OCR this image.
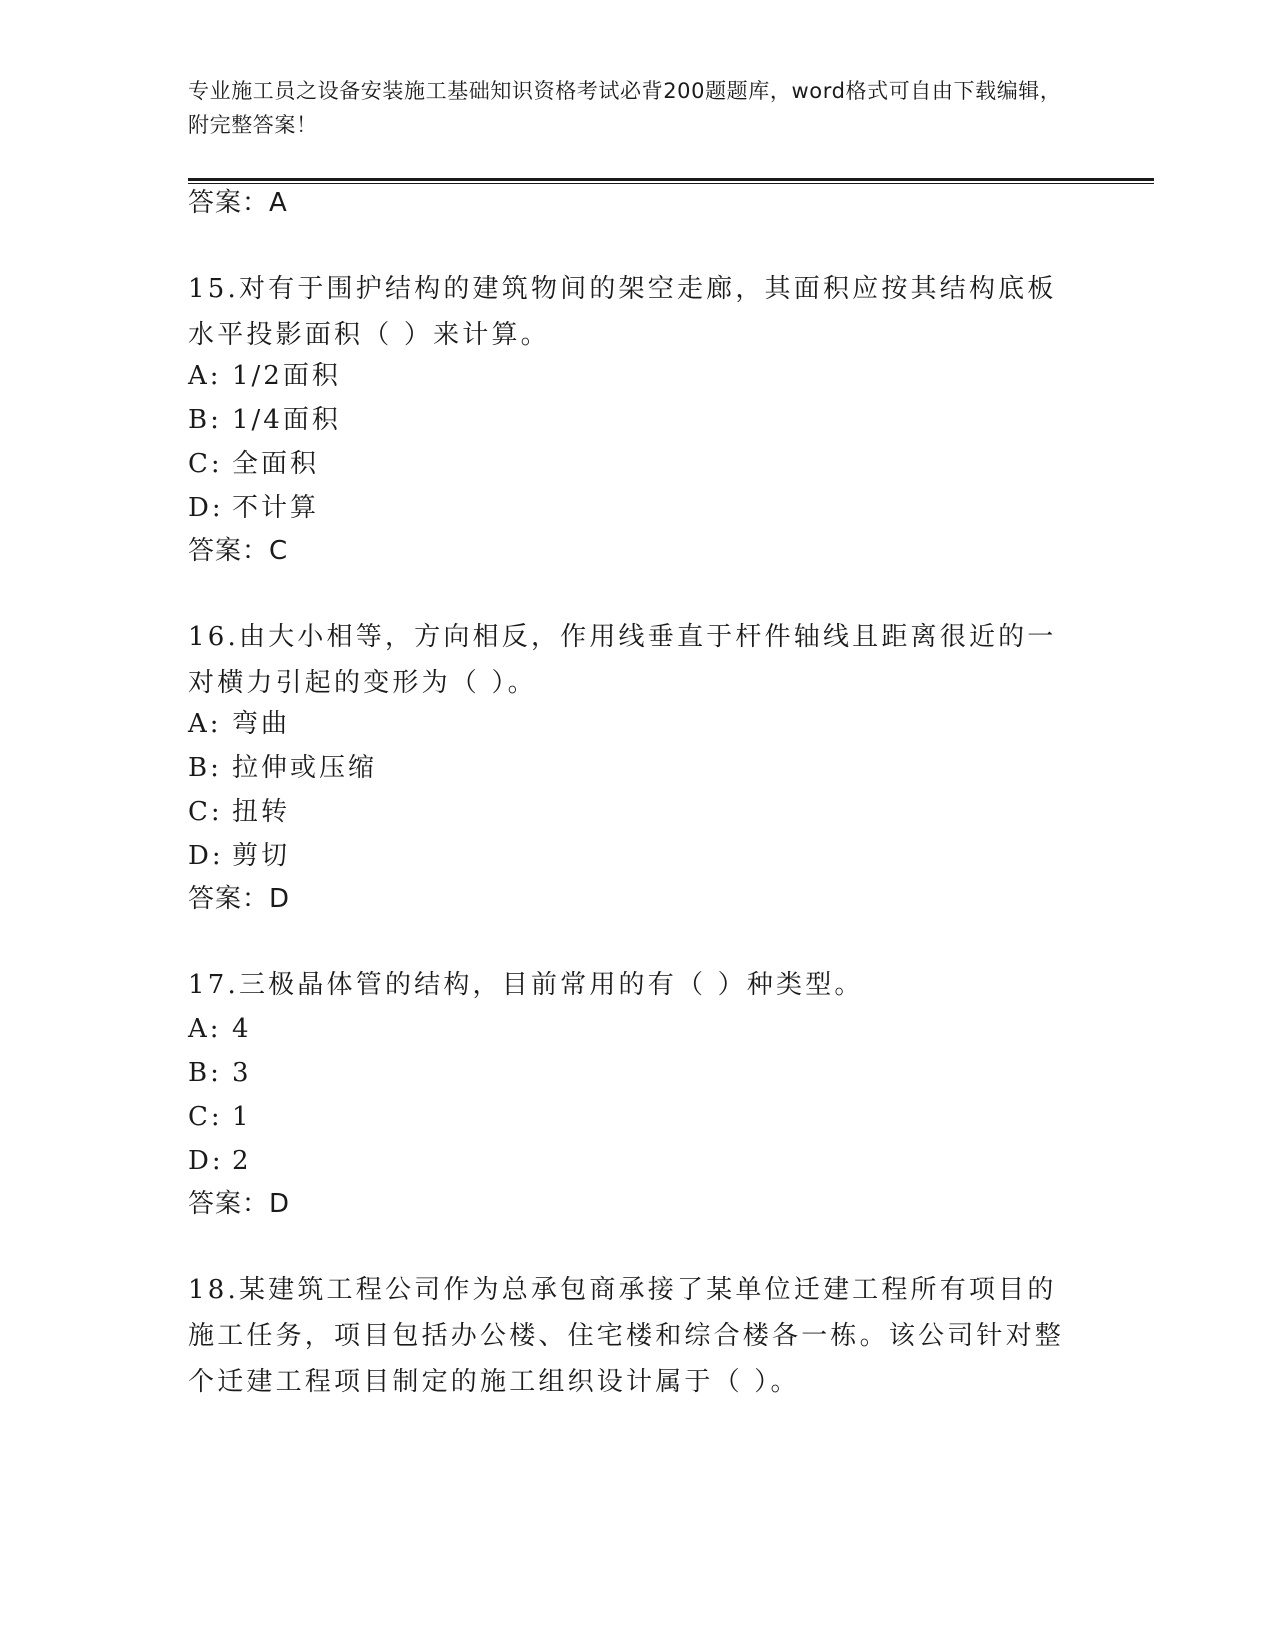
专业施工员之设备安装施工基础知识资格考试必背200题题库，word格式可自由下载编辑，附完整答案！
答案：A
15.对有于围护结构的建筑物间的架空走廊，其面积应按其结构底板水平投影面积（ ）来计算。
A: 1/2面积
B: 1/4面积
C: 全面积
D: 不计算
答案：C
16.由大小相等，方向相反，作用线垂直于杆件轴线且距离很近的一对横力引起的变形为（ ）。
A: 弯曲
B: 拉伸或压缩
C: 扭转
D: 剪切
答案：D
17.三极晶体管的结构，目前常用的有（ ）种类型。
A: 4
B: 3
C: 1
D: 2
答案：D
18.某建筑工程公司作为总承包商承接了某单位迁建工程所有项目的施工任务，项目包括办公楼、住宅楼和综合楼各一栋。该公司针对整个迁建工程项目制定的施工组织设计属于（ ）。
